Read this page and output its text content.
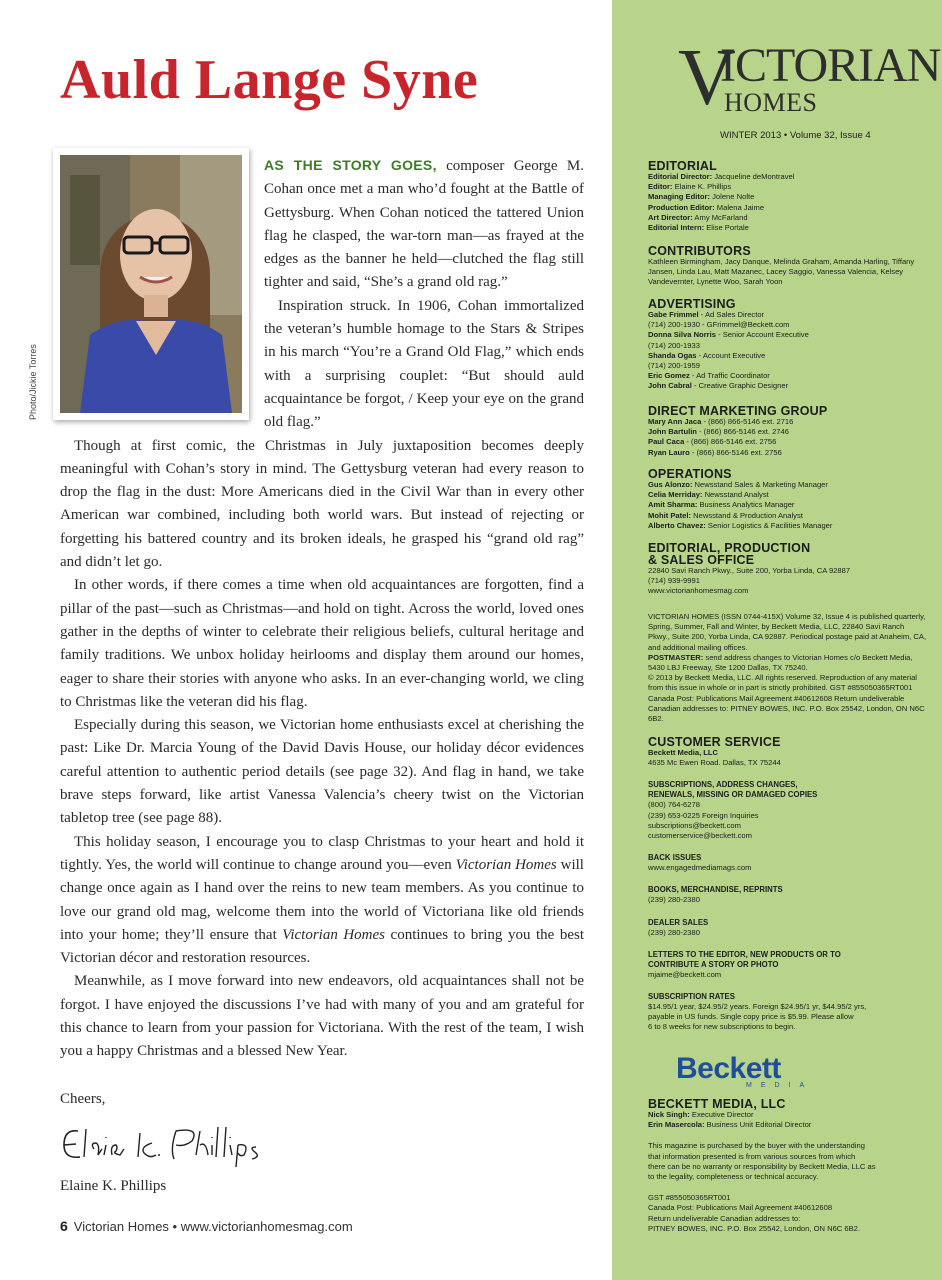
Auld Lange Syne
Photo/Jickie Torres

AS THE STORY GOES, composer George M. Cohan once met a man who’d fought at the Battle of Gettysburg. When Cohan noticed the tattered Union flag he clasped, the war-torn man—as frayed at the edges as the banner he held—clutched the flag still tighter and said, “She’s a grand old rag.”

Inspiration struck. In 1906, Cohan immortalized the veteran’s humble homage to the Stars & Stripes in his march “You’re a Grand Old Flag,” which ends with a surprising couplet: “But should auld acquaintance be forgot, / Keep your eye on the grand old flag.”

Though at first comic, the Christmas in July juxtaposition becomes deeply meaningful with Cohan’s story in mind. The Gettysburg veteran had every reason to drop the flag in the dust: More Americans died in the Civil War than in every other American war combined, including both world wars. But instead of rejecting or forgetting his battered country and its broken ideals, he grasped his “grand old rag” and didn’t let go.

In other words, if there comes a time when old acquaintances are forgotten, find a pillar of the past—such as Christmas—and hold on tight. Across the world, loved ones gather in the depths of winter to celebrate their religious beliefs, cultural heritage and family traditions. We unbox holiday heirlooms and display them around our homes, eager to share their stories with anyone who asks. In an ever-changing world, we cling to Christmas like the veteran did his flag.

Especially during this season, we Victorian home enthusiasts excel at cherishing the past: Like Dr. Marcia Young of the David Davis House, our holiday décor evidences careful attention to authentic period details (see page 32). And flag in hand, we take brave steps forward, like artist Vanessa Valencia’s cheery twist on the Victorian tabletop tree (see page 88).

This holiday season, I encourage you to clasp Christmas to your heart and hold it tightly. Yes, the world will continue to change around you—even Victorian Homes will change once again as I hand over the reins to new team members. As you continue to love our grand old mag, welcome them into the world of Victoriana like old friends into your home; they’ll ensure that Victorian Homes continues to bring you the best Victorian décor and restoration resources.

Meanwhile, as I move forward into new endeavors, old acquaintances shall not be forgot. I have enjoyed the discussions I’ve had with many of you and am grateful for this chance to learn from your passion for Victoriana. With the rest of the team, I wish you a happy Christmas and a blessed New Year.

Cheers,

Elaine K. Phillips

Elaine K. Phillips

6 Victorian Homes • www.victorianhomesmag.com
V
ICTORIAN
HOMES
WINTER 2013 • Volume 32, Issue 4
EDITORIAL
Editorial Director: Jacqueline deMontravel
Editor: Elaine K. Phillips
Managing Editor: Jolene Nolte
Production Editor: Malena Jaime
Art Director: Amy McFarland
Editorial Intern: Elise Portale
CONTRIBUTORS
Kathleen Birmingham, Jacy Danque, Melinda Graham, Amanda Harling, Tiffany Jansen, Linda Lau, Matt Mazanec, Lacey Saggio, Vanessa Valencia, Kelsey Vandevernter, Lynette Woo, Sarah Yoon
ADVERTISING
Gabe Frimmel - Ad Sales Director
(714) 200-1930 - GFrimmel@Beckett.com
Donna Silva Norris - Senior Account Executive
(714) 200-1933
Shanda Ogas - Account Executive
(714) 200-1959
Eric Gomez - Ad Traffic Coordinator
John Cabral - Creative Graphic Designer
DIRECT MARKETING GROUP
Mary Ann Jaca - (866) 866-5146 ext. 2716
John Bartulin - (866) 866-5146 ext. 2746
Paul Caca - (866) 866-5146 ext. 2756
Ryan Lauro - (866) 866-5146 ext. 2756
OPERATIONS
Gus Alonzo: Newsstand Sales & Marketing Manager
Celia Merriday: Newsstand Analyst
Amit Sharma: Business Analytics Manager
Mohit Patel: Newsstand & Production Analyst
Alberto Chavez: Senior Logistics & Facilities Manager
EDITORIAL, PRODUCTION
& SALES OFFICE
22840 Savi Ranch Pkwy., Suite 200, Yorba Linda, CA 92887
(714) 939-9991
www.victorianhomesmag.com
VICTORIAN HOMES (ISSN 0744-415X) Volume 32, Issue 4 is published quarterly, Spring, Summer, Fall and Winter, by Beckett Media, LLC, 22840 Savi Ranch Pkwy., Suite 200, Yorba Linda, CA 92887. Periodical postage paid at Anaheim, CA, and additional mailing offices.
POSTMASTER: send address changes to Victorian Homes c/o Beckett Media, 5430 LBJ Freeway, Ste 1200 Dallas, TX 75240.
© 2013 by Beckett Media, LLC. All rights reserved. Reproduction of any material from this issue in whole or in part is strictly prohibited. GST #855050365RT001 Canada Post: Publications Mail Agreement #40612608 Return undeliverable Canadian addresses to: PITNEY BOWES, INC. P.O. Box 25542, London, ON N6C 6B2.
CUSTOMER SERVICE
Beckett Media, LLC
4635 Mc Ewen Road. Dallas, TX 75244
SUBSCRIPTIONS, ADDRESS CHANGES,
RENEWALS, MISSING OR DAMAGED COPIES
(800) 764-6278
(239) 653-0225 Foreign Inquiries
subscriptions@beckett.com
customerservice@beckett.com
BACK ISSUES
www.engagedmediamags.com
BOOKS, MERCHANDISE, REPRINTS
(239) 280-2380
DEALER SALES
(239) 280-2380
LETTERS TO THE EDITOR, NEW PRODUCTS OR TO
CONTRIBUTE A STORY OR PHOTO
mjaime@beckett.com
SUBSCRIPTION RATES
$14.95/1 year, $24.95/2 years. Foreign $24.95/1 yr, $44.95/2 yrs,
payable in US funds. Single copy price is $5.99. Please allow
6 to 8 weeks for new subscriptions to begin.
Beckett
MEDIA
BECKETT MEDIA, LLC
Nick Singh: Executive Director
Erin Masercola: Business Unit Editorial Director
This magazine is purchased by the buyer with the understanding
that information presented is from various sources from which
there can be no warranty or responsibility by Beckett Media, LLC as
to the legality, completeness or technical accuracy.
GST #855050365RT001
Canada Post: Publications Mail Agreement #40612608
Return undeliverable Canadian addresses to:
PITNEY BOWES, INC. P.O. Box 25542, London, ON N6C 6B2.
